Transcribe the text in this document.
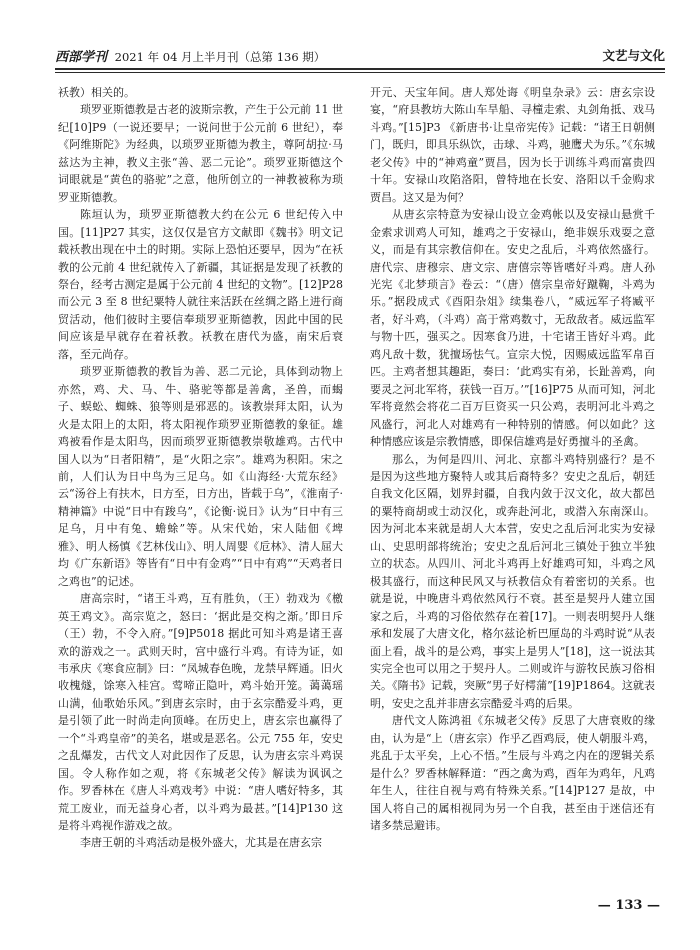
西部学刊 2021 年 04 月上半月刊（总第 136 期）	文艺与文化

袄教）相关的。

琐罗亚斯德教是古老的波斯宗教，产生于公元前 11 世纪[10]P9（一说还要早；一说问世于公元前 6 世纪），奉《阿维斯陀》为经典，以琐罗亚斯德为教主，尊阿胡拉·马兹达为主神，教义主张“善、恶二元论”。琐罗亚斯德这个词眼就是“黄色的骆驼”之意，他所创立的一神教被称为琐罗亚斯德教。

陈垣认为，琐罗亚斯德教大约在公元 6 世纪传入中国。[11]P27 其实，这仅仅是官方文献即《魏书》明文记载袄教出现在中土的时期。实际上恐怕还要早，因为“在袄教的公元前 4 世纪就传入了新疆，其证据是发现了袄教的祭台，经考古测定是属于公元前 4 世纪的文物”。[12]P28 而公元 3 至 8 世纪粟特人就往来活跃在丝绸之路上进行商贸活动，他们彼时主要信奉琐罗亚斯德教，因此中国的民间应该是早就存在着袄教。袄教在唐代为盛，南宋后衰落，至元尚存。

琐罗亚斯德教的教旨为善、恶二元论，具体到动物上亦然，鸡、犬、马、牛、骆驼等都是善禽，圣兽，而蝎子、蜈蚣、蜘蛛、狼等则是邪恶的。该教崇拜太阳，认为火是太阳上的太阳，将太阳视作琐罗亚斯德教的象征。雄鸡被看作是太阳鸟，因而琐罗亚斯德教崇敬雄鸡。古代中国人以为“日者阳精”，是“火阳之宗”。雄鸡为积阳。宋之前，人们认为日中鸟为三足乌。如《山海经·大荒东经》云“汤谷上有扶木，日方至，日方出，皆载于乌”，《淮南子·精神篇》中说“日中有踆乌”，《论衡·说日》认为“日中有三足乌，月中有兔、蟾蜍”等。从宋代始，宋人陆佃《埤雅》、明人杨慎《艺林伐山》、明人周婴《卮林》、清人屈大均《广东新语》等皆有“日中有金鸡”“日中有鸡”“天鸡者日之鸡也”的记述。

唐高宗时，“诸王斗鸡，互有胜负，（王）勃戏为《檄英王鸡文》。高宗览之，怒曰：‘据此是交构之渐。’即日斥（王）勃，不令入府。”[9]P5018 据此可知斗鸡是诸王喜欢的游戏之一。武则天时，宫中盛行斗鸡。有诗为证，如韦承庆《寒食应制》曰：“凤城春色晚，龙禁早辉通。旧火收槐燧，馀寒入桂宫。莺啼正隐叶，鸡斗始开笼。蔼蔼瑶山满，仙歌始乐风。”到唐玄宗时，由于玄宗酷爱斗鸡，更是引领了此一时尚走向顶峰。在历史上，唐玄宗也赢得了一个“斗鸡皇帝”的美名，堪或是恶名。公元 755 年，安史之乱爆发，古代文人对此因作了反思，认为唐玄宗斗鸡误国。令人称作如之观，将《东城老父传》解读为讽讽之作。罗香林在《唐人斗鸡戏考》中说：“唐人嗜好特多，其荒工废业，而无益身心者，以斗鸡为最甚。”[14]P130 这是将斗鸡视作游戏之故。

李唐王朝的斗鸡活动是极外盛大，尤其是在唐玄宗

开元、天宝年间。唐人郑处诲《明皇杂录》云：唐玄宗设宴，“府县教坊大陈山车旱船、寻橦走索、丸剑角抵、戏马斗鸡。”[15]P3 《新唐书·让皇帝宪传》记载：“诸王日朝侧门，既归，即具乐纵饮，击球、斗鸡，驰鹰犬为乐。”《东城老父传》中的“神鸡童”贾昌，因为长于训练斗鸡而富贵四十年。安禄山攻陷洛阳，曾特地在长安、洛阳以千金购求贾昌。这又是为何？

从唐玄宗特意为安禄山设立金鸡帐以及安禄山悬赏千金索求训鸡人可知，雄鸡之于安禄山，绝非娱乐戏耍之意义，而是有其宗教信仰在。安史之乱后，斗鸡依然盛行。唐代宗、唐穆宗、唐文宗、唐僖宗等皆嗜好斗鸡。唐人孙光宪《北梦琐言》卷云：“（唐）僖宗皇帝好蹴鞠，斗鸡为乐。”据段成式《酉阳杂俎》续集卷八，“威远军子将臧平者，好斗鸡，（斗鸡）高于常鸡数寸，无敌敌者。威远监军与物十匹，强买之。因寒食乃进，十宅诸王皆好斗鸡。此鸡凡敌十数，犹擅场怯气。宣宗大悦，因赐威远监军帛百匹。主鸡者想其趣距，奏曰：‘此鸡实有弟，长趾善鸡，向要灵之河北军将，获钱一百万。’”[16]P75 从而可知，河北军将竟然会将花二百万巨资买一只公鸡，表明河北斗鸡之风盛行，河北人对雄鸡有一种特别的情感。何以如此？这种情感应该是宗教情感，即保信雄鸡是好勇擅斗的圣禽。

那么，为何是四川、河北、京都斗鸡特别盛行？是不是因为这些地方聚特人或其后裔特多？安史之乱后，朝廷自我文化区隔，划界封疆，自我内敛于汉文化，故大都邑的粟特商胡或士动汉化，或奔赴河北，或潜入东南深山。因为河北本来就是胡人大本营，安史之乱后河北实为安禄山、史思明部将统治；安史之乱后河北三镇处于独立半独立的状态。从四川、河北斗鸡再上好雄鸡可知，斗鸡之风极其盛行，而这种民风又与袄教信众有着密切的关系。也就是说，中晚唐斗鸡依然风行不衰。甚至是契丹人建立国家之后，斗鸡的习俗依然存在着[17]。一则表明契丹人继承和发展了大唐文化，格尔兹论析巴厘岛的斗鸡时说“从表面上看，战斗的是公鸡，事实上是男人”[18]，这一说法其实完全也可以用之于契丹人。二则或许与游牧民族习俗相关。《隋书》记载，突厥“男子好樗蒲”[19]P1864。这就表明，安史之乱并非唐玄宗酷爱斗鸡的后果。

唐代文人陈鸿祖《东城老父传》反思了大唐衰败的缘由，认为是“上（唐玄宗）作乎乙酉鸡辰，使人朝服斗鸡，兆乱于太平矣，上心不悟。”生辰与斗鸡之内在的逻辑关系是什么？罗香林解释道：“西之禽为鸡，酉年为鸡年，凡鸡年生人，往往自视与鸡有特殊关系。”[14]P127 是故，中国人将自己的属相视同为另一个自我，甚至由于迷信还有诸多禁忌避讳。

— 133 —
